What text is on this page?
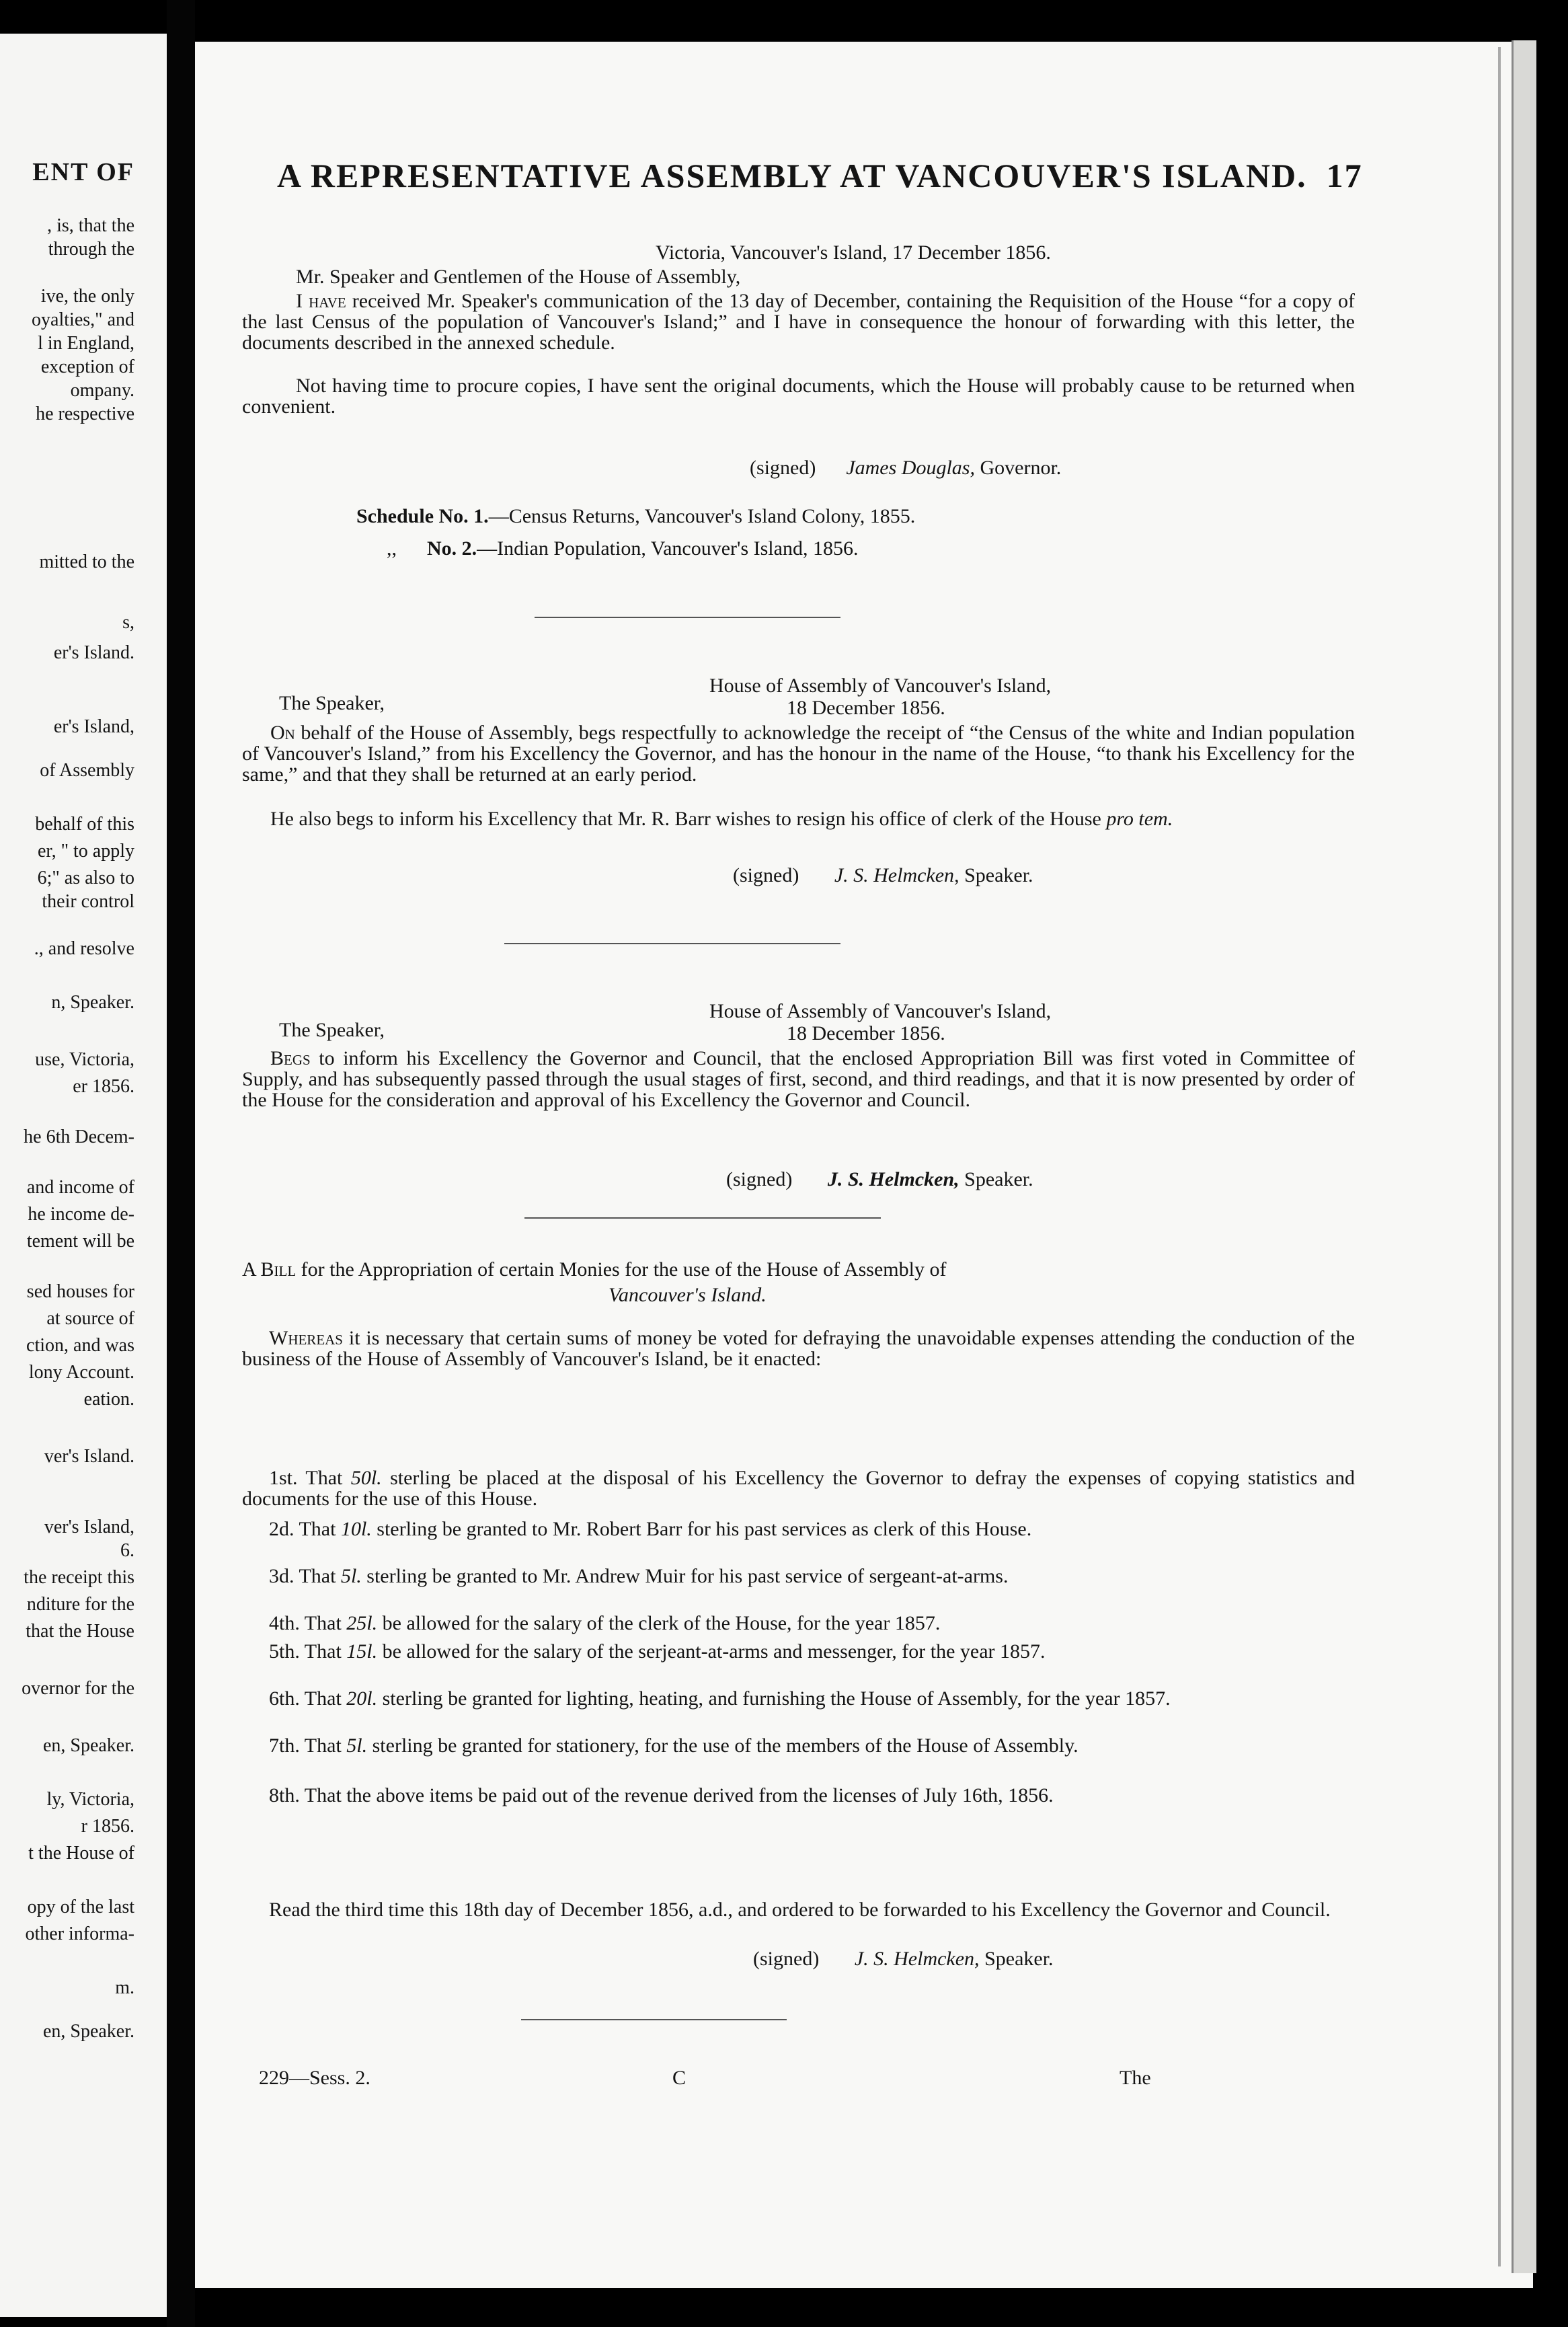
ENT OF
, is, that the
through the
ive, the only
oyalties," and
l in England,
exception of
ompany.
he respective
mitted to the
s,
er's Island.
er's Island,
of Assembly
behalf of this
er, " to apply
6;" as also to
their control
., and resolve
n, Speaker.
use, Victoria,
er 1856.
he 6th Decem-
and income of
he income de-
tement will be
sed houses for
at source of
ction, and was
lony Account.
eation.
ver's Island.
ver's Island,
6.
the receipt this
nditure for the
that the House
overnor for the
en, Speaker.
ly, Victoria,
r 1856.
t the House of
opy of the last
other informa-
m.
en, Speaker.
A REPRESENTATIVE ASSEMBLY AT VANCOUVER'S ISLAND. 17
Victoria, Vancouver's Island, 17 December 1856.
Mr. Speaker and Gentlemen of the House of Assembly,
I have received Mr. Speaker's communication of the 13 day of December, containing the Requisition of the House “for a copy of the last Census of the population of Vancouver's Island;” and I have in consequence the honour of forwarding with this letter, the documents described in the annexed schedule.
Not having time to procure copies, I have sent the original documents, which the House will probably cause to be returned when convenient.
(signed) James Douglas, Governor.
Schedule No. 1.—Census Returns, Vancouver's Island Colony, 1855.
,, No. 2.—Indian Population, Vancouver's Island, 1856.
House of Assembly of Vancouver's Island,
The Speaker,	18 December 1856.
On behalf of the House of Assembly, begs respectfully to acknowledge the receipt of “the Census of the white and Indian population of Vancouver's Island,” from his Excellency the Governor, and has the honour in the name of the House, “to thank his Excellency for the same,” and that they shall be returned at an early period.
He also begs to inform his Excellency that Mr. R. Barr wishes to resign his office of clerk of the House pro tem.
(signed) J. S. Helmcken, Speaker.
House of Assembly of Vancouver's Island,
The Speaker,	18 December 1856.
Begs to inform his Excellency the Governor and Council, that the enclosed Appropriation Bill was first voted in Committee of Supply, and has subsequently passed through the usual stages of first, second, and third readings, and that it is now presented by order of the House for the consideration and approval of his Excellency the Governor and Council.
(signed) J. S. Helmcken, Speaker.
A Bill for the Appropriation of certain Monies for the use of the House of Assembly of
Vancouver's Island.
Whereas it is necessary that certain sums of money be voted for defraying the unavoidable expenses attending the conduction of the business of the House of Assembly of Vancouver's Island, be it enacted:
1st. That 50l. sterling be placed at the disposal of his Excellency the Governor to defray the expenses of copying statistics and documents for the use of this House.
2d. That 10l. sterling be granted to Mr. Robert Barr for his past services as clerk of this House.
3d. That 5l. sterling be granted to Mr. Andrew Muir for his past service of sergeant-at-arms.
4th. That 25l. be allowed for the salary of the clerk of the House, for the year 1857.
5th. That 15l. be allowed for the salary of the serjeant-at-arms and messenger, for the year 1857.
6th. That 20l. sterling be granted for lighting, heating, and furnishing the House of Assembly, for the year 1857.
7th. That 5l. sterling be granted for stationery, for the use of the members of the House of Assembly.
8th. That the above items be paid out of the revenue derived from the licenses of July 16th, 1856.
Read the third time this 18th day of December 1856, a.d., and ordered to be forwarded to his Excellency the Governor and Council.
(signed) J. S. Helmcken, Speaker.
229—Sess. 2.	C	The
